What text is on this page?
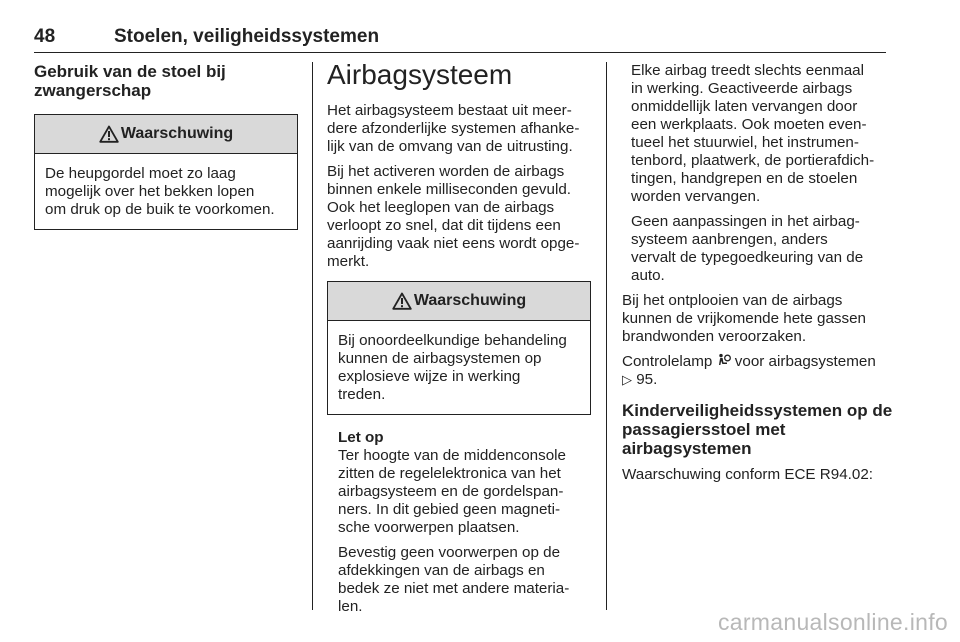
48	Stoelen, veiligheidssystemen
Gebruik van de stoel bij
zwangerschap
Waarschuwing
De heupgordel moet zo laag
mogelijk over het bekken lopen
om druk op de buik te voorkomen.
Airbagsysteem
Het airbagsysteem bestaat uit meer-
dere afzonderlijke systemen afhanke-
lijk van de omvang van de uitrusting.
Bij het activeren worden de airbags
binnen enkele milliseconden gevuld.
Ook het leeglopen van de airbags
verloopt zo snel, dat dit tijdens een
aanrijding vaak niet eens wordt opge-
merkt.
Waarschuwing
Bij onoordeelkundige behandeling
kunnen de airbagsystemen op
explosieve wijze in werking
treden.
Let op
Ter hoogte van de middenconsole
zitten de regelelektronica van het
airbagsysteem en de gordelspan-
ners. In dit gebied geen magneti-
sche voorwerpen plaatsen.
Bevestig geen voorwerpen op de
afdekkingen van de airbags en
bedek ze niet met andere materia-
len.
Elke airbag treedt slechts eenmaal
in werking. Geactiveerde airbags
onmiddellijk laten vervangen door
een werkplaats. Ook moeten even-
tueel het stuurwiel, het instrumen-
tenbord, plaatwerk, de portierafdich-
tingen, handgrepen en de stoelen
worden vervangen.
Geen aanpassingen in het airbag-
systeem aanbrengen, anders
vervalt de typegoedkeuring van de
auto.
Bij het ontplooien van de airbags
kunnen de vrijkomende hete gassen
brandwonden veroorzaken.
Controlelamp voor airbagsystemen
▷ 95.
Kinderveiligheidssystemen op de
passagiersstoel met
airbagsystemen
Waarschuwing conform ECE R94.02:
carmanualsonline.info
